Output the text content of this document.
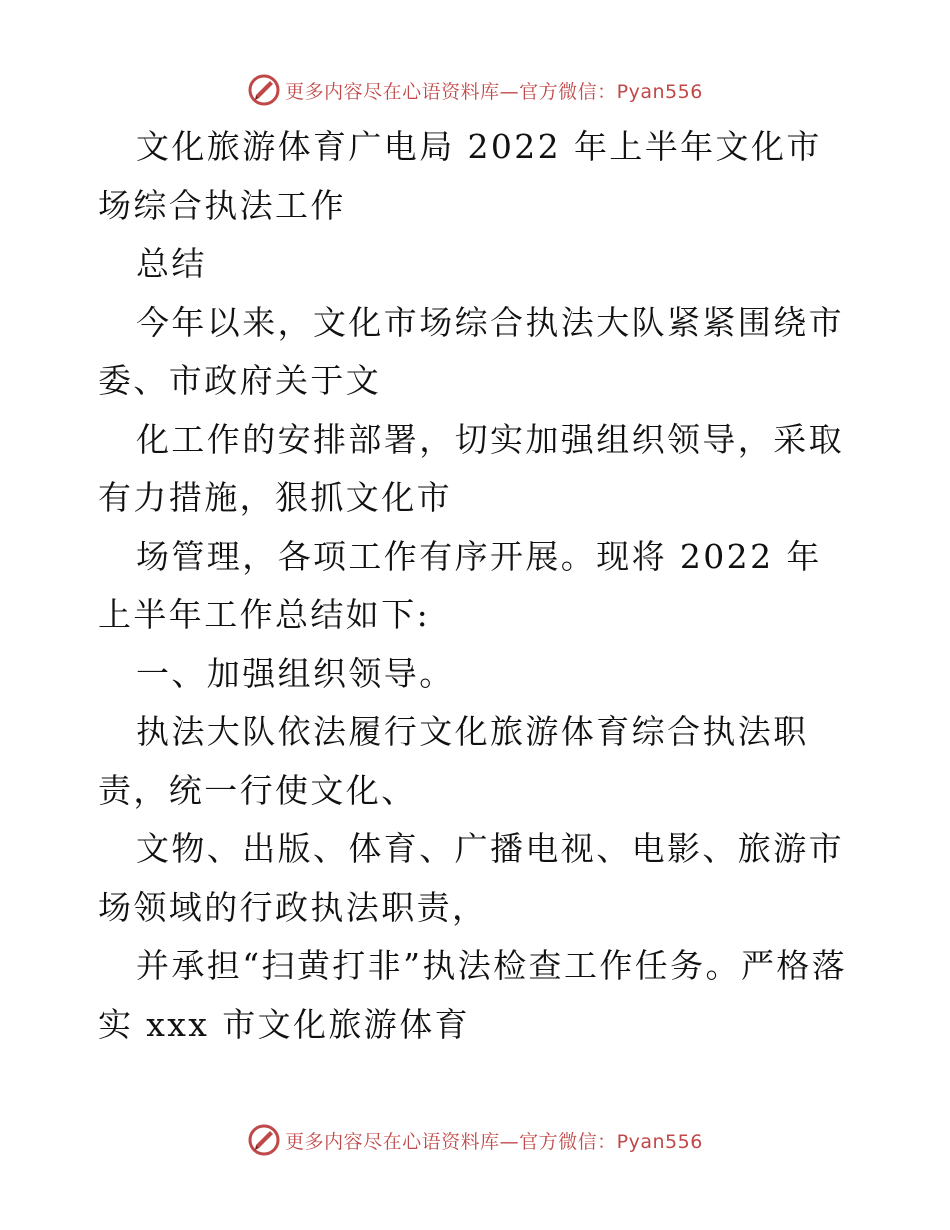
更多内容尽在心语资料库—官方微信：Pyan556

文化旅游体育广电局 2022 年上半年文化市场综合执法工作

总结

今年以来，文化市场综合执法大队紧紧围绕市委、市政府关于文

化工作的安排部署，切实加强组织领导，采取有力措施，狠抓文化市

场管理，各项工作有序开展。现将 2022 年上半年工作总结如下:

一、加强组织领导。

执法大队依法履行文化旅游体育综合执法职责，统一行使文化、

文物、出版、体育、广播电视、电影、旅游市场领域的行政执法职责，

并承担“扫黄打非”执法检查工作任务。严格落实 xxx 市文化旅游体育

更多内容尽在心语资料库—官方微信：Pyan556
